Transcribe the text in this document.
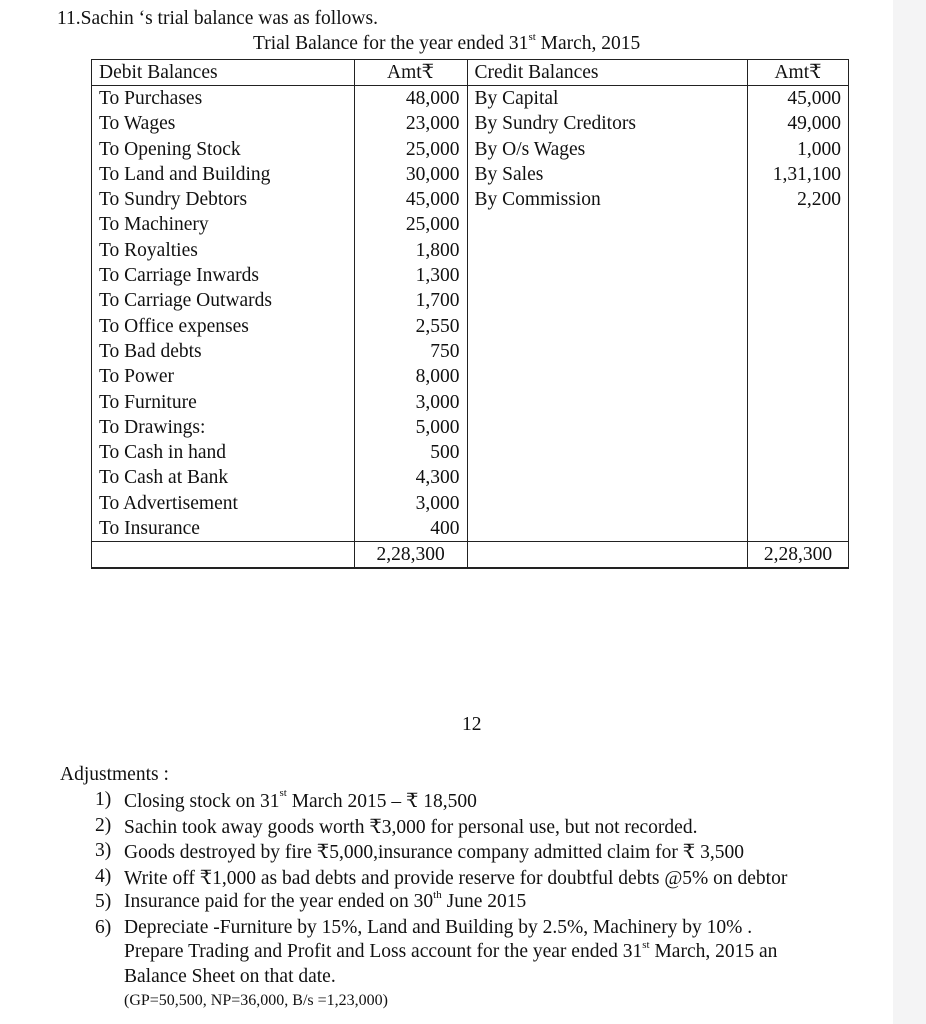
11.Sachin ‘s trial balance was as follows.
Trial Balance for the year ended 31st March, 2015
Debit Balances	Amt₹	Credit Balances	Amt₹
To Purchases	48,000	By Capital	45,000
To Wages	23,000	By Sundry Creditors	49,000
To Opening Stock	25,000	By O/s Wages	1,000
To Land and Building	30,000	By Sales	1,31,100
To Sundry Debtors	45,000	By Commission	2,200
To Machinery	25,000		
To Royalties	1,800		
To Carriage Inwards	1,300		
To Carriage Outwards	1,700		
To Office expenses	2,550		
To Bad debts	750		
To Power	8,000		
To Furniture	3,000		
To Drawings:	5,000		
To Cash in hand	500		
To Cash at Bank	4,300		
To Advertisement	3,000		
To Insurance	400		
	2,28,300		2,28,300
12
Adjustments :
1) Closing stock on 31st March 2015 – ₹ 18,500
2) Sachin took away goods worth ₹3,000 for personal use, but not recorded.
3) Goods destroyed by fire ₹5,000,insurance company admitted claim for ₹ 3,500
4) Write off ₹1,000 as bad debts and provide reserve for doubtful debts @5% on debtor
5) Insurance paid for the year ended on 30th June 2015
6) Depreciate -Furniture by 15%, Land and Building by 2.5%, Machinery by 10% .
Prepare Trading and Profit and Loss account for the year ended 31st March, 2015 an
Balance Sheet on that date.
(GP=50,500, NP=36,000, B/s =1,23,000)
